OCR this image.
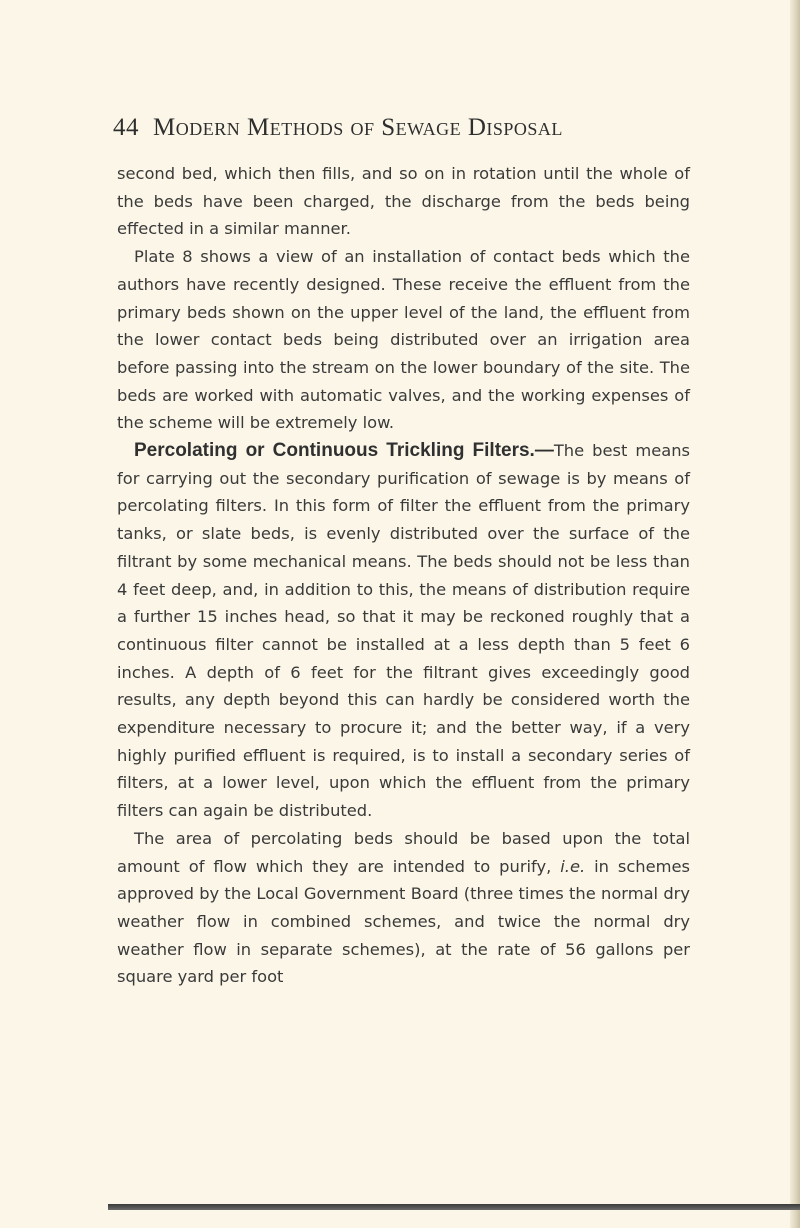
44 Modern Methods of Sewage Disposal

second bed, which then fills, and so on in rotation until the whole of the beds have been charged, the discharge from the beds being effected in a similar manner.

Plate 8 shows a view of an installation of contact beds which the authors have recently designed. These receive the effluent from the primary beds shown on the upper level of the land, the effluent from the lower contact beds being distributed over an irrigation area before passing into the stream on the lower boundary of the site. The beds are worked with automatic valves, and the working expenses of the scheme will be extremely low.

Percolating or Continuous Trickling Filters.—The best means for carrying out the secondary purification of sewage is by means of percolating filters. In this form of filter the effluent from the primary tanks, or slate beds, is evenly distributed over the surface of the filtrant by some mechanical means. The beds should not be less than 4 feet deep, and, in addition to this, the means of distribution require a further 15 inches head, so that it may be reckoned roughly that a continuous filter cannot be installed at a less depth than 5 feet 6 inches. A depth of 6 feet for the filtrant gives exceedingly good results, any depth beyond this can hardly be considered worth the expenditure necessary to procure it; and the better way, if a very highly purified effluent is required, is to install a secondary series of filters, at a lower level, upon which the effluent from the primary filters can again be distributed.

The area of percolating beds should be based upon the total amount of flow which they are intended to purify, i.e. in schemes approved by the Local Government Board (three times the normal dry weather flow in combined schemes, and twice the normal dry weather flow in separate schemes), at the rate of 56 gallons per square yard per foot
